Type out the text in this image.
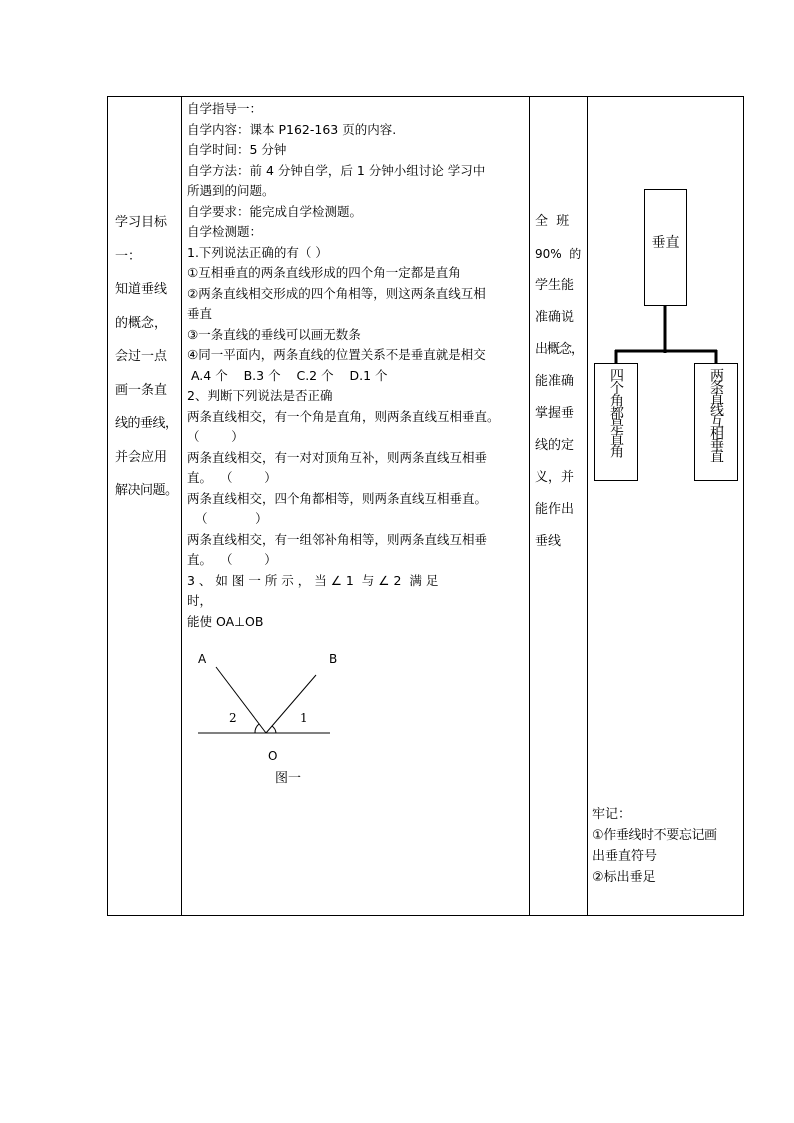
学习目标
一：
知道垂线
的概念，
会过一点
画一条直
线的垂线，
并会应用
解决问题。
自学指导一：
自学内容：课本 P162-163 页的内容.
自学时间：5 分钟
自学方法：前 4 分钟自学，后 1 分钟小组讨论 学习中
所遇到的问题。
自学要求：能完成自学检测题。
自学检测题：
1.下列说法正确的有（ ）
①互相垂直的两条直线形成的四个角一定都是直角
②两条直线相交形成的四个角相等，则这两条直线互相
垂直
③一条直线的垂线可以画无数条
④同一平面内，两条直线的位置关系不是垂直就是相交
A.4 个    B.3 个    C.2 个    D.1 个
2、判断下列说法是否正确
两条直线相交，有一个角是直角，则两条直线互相垂直。
（        ）
两条直线相交，有一对对顶角互补，则两条直线互相垂
直。  （        ）
两条直线相交，四个角都相等，则两条直线互相垂直。
（            ）
两条直线相交，有一组邻补角相等，则两条直线互相垂
直。  （        ）
3 、 如 图 一 所 示 ， 当 ∠ 1  与 ∠ 2  满 足
时，
能使 OA⊥OB
A	B
2	1
O
图一
全  班
90%  的
学生能
准确说
出概念，
能准确
掌握垂
线的定
义，并
能作出
垂线
垂直
四个角都是直角	两条直线互相垂直
牢记：
①作垂线时不要忘记画
出垂直符号
②标出垂足
